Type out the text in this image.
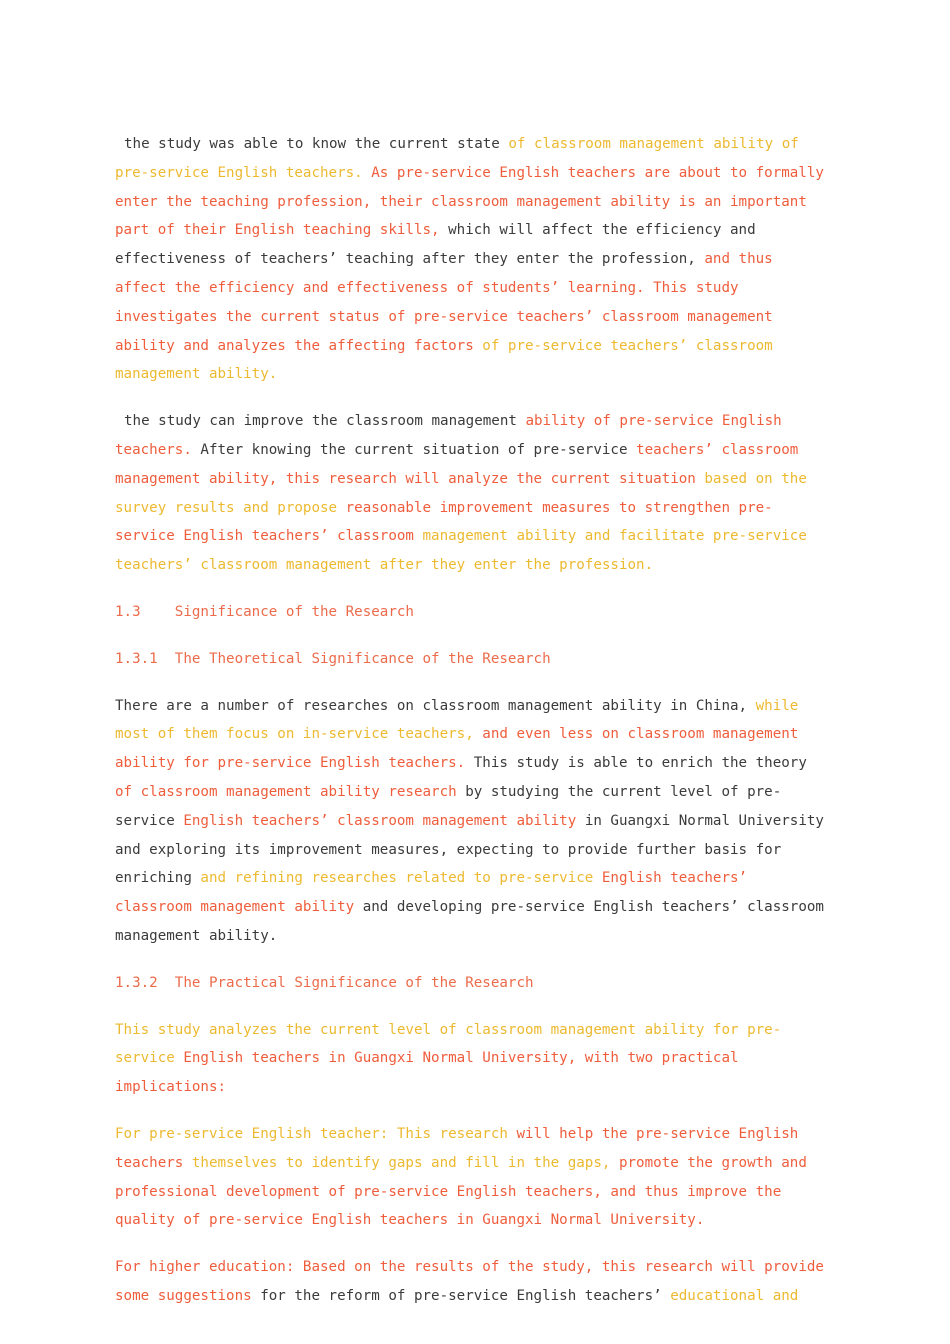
the study was able to know the current state of classroom management ability of pre-service English teachers. As pre-service English teachers are about to formally enter the teaching profession, their classroom management ability is an important part of their English teaching skills, which will affect the efficiency and effectiveness of teachers’ teaching after they enter the profession, and thus affect the efficiency and effectiveness of students’ learning. This study investigates the current status of pre-service teachers’ classroom management ability and analyzes the affecting factors of pre-service teachers’ classroom management ability.

the study can improve the classroom management ability of pre-service English teachers. After knowing the current situation of pre-service teachers’ classroom management ability, this research will analyze the current situation based on the survey results and propose reasonable improvement measures to strengthen pre-service English teachers’ classroom management ability and facilitate pre-service teachers’ classroom management after they enter the profession.

1.3    Significance of the Research
1.3.1  The Theoretical Significance of the Research

There are a number of researches on classroom management ability in China, while most of them focus on in-service teachers, and even less on classroom management ability for pre-service English teachers. This study is able to enrich the theory of classroom management ability research by studying the current level of pre-service English teachers’ classroom management ability in Guangxi Normal University and exploring its improvement measures, expecting to provide further basis for enriching and refining researches related to pre-service English teachers’ classroom management ability and developing pre-service English teachers’ classroom management ability.

1.3.2  The Practical Significance of the Research

This study analyzes the current level of classroom management ability for pre-service English teachers in Guangxi Normal University, with two practical implications:

For pre-service English teacher: This research will help the pre-service English teachers themselves to identify gaps and fill in the gaps, promote the growth and professional development of pre-service English teachers, and thus improve the quality of pre-service English teachers in Guangxi Normal University.

For higher education: Based on the results of the study, this research will provide some suggestions for the reform of pre-service English teachers’ educational and
